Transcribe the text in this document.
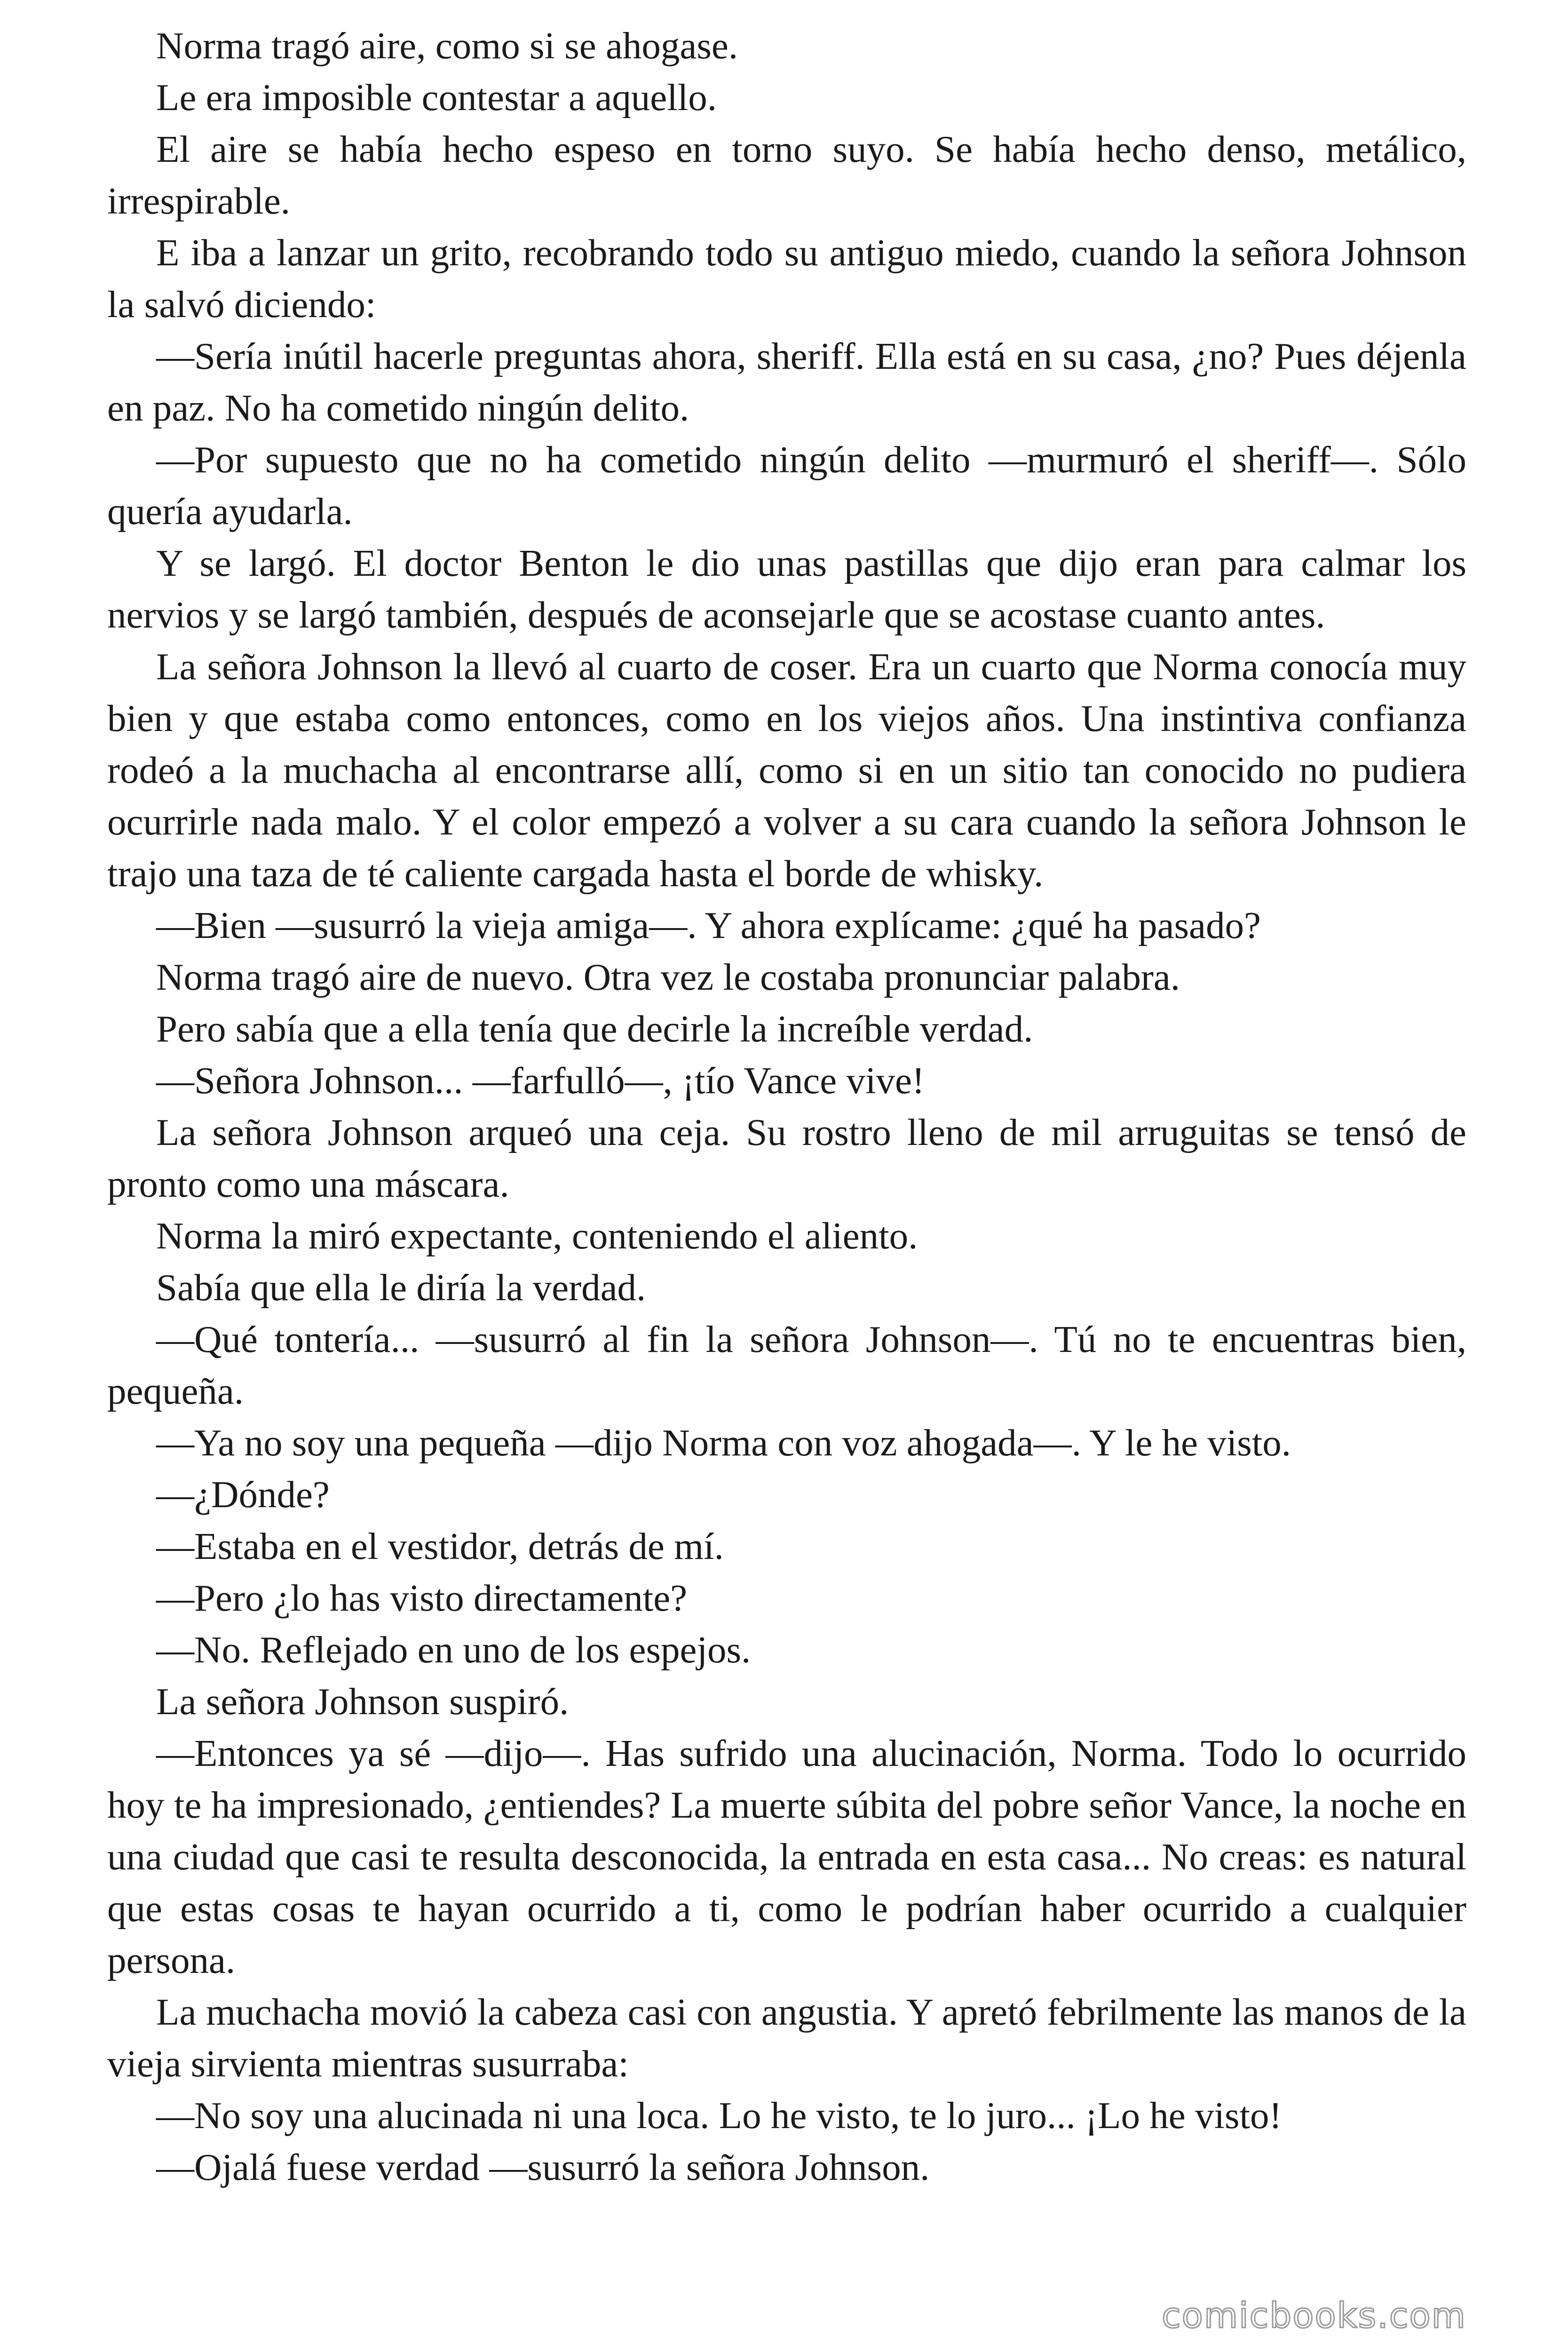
Norma tragó aire, como si se ahogase.

Le era imposible contestar a aquello.

El aire se había hecho espeso en torno suyo. Se había hecho denso, metálico, irrespirable.

E iba a lanzar un grito, recobrando todo su antiguo miedo, cuando la señora Johnson la salvó diciendo:

—Sería inútil hacerle preguntas ahora, sheriff. Ella está en su casa, ¿no? Pues déjenla en paz. No ha cometido ningún delito.

—Por supuesto que no ha cometido ningún delito —murmuró el sheriff—. Sólo quería ayudarla.

Y se largó. El doctor Benton le dio unas pastillas que dijo eran para calmar los nervios y se largó también, después de aconsejarle que se acostase cuanto antes.

La señora Johnson la llevó al cuarto de coser. Era un cuarto que Norma conocía muy bien y que estaba como entonces, como en los viejos años. Una instintiva confianza rodeó a la muchacha al encontrarse allí, como si en un sitio tan conocido no pudiera ocurrirle nada malo. Y el color empezó a volver a su cara cuando la señora Johnson le trajo una taza de té caliente cargada hasta el borde de whisky.

—Bien —susurró la vieja amiga—. Y ahora explícame: ¿qué ha pasado?

Norma tragó aire de nuevo. Otra vez le costaba pronunciar palabra.

Pero sabía que a ella tenía que decirle la increíble verdad.

—Señora Johnson... —farfulló—, ¡tío Vance vive!

La señora Johnson arqueó una ceja. Su rostro lleno de mil arruguitas se tensó de pronto como una máscara.

Norma la miró expectante, conteniendo el aliento.

Sabía que ella le diría la verdad.

—Qué tontería... —susurró al fin la señora Johnson—. Tú no te encuentras bien, pequeña.

—Ya no soy una pequeña —dijo Norma con voz ahogada—. Y le he visto.

—¿Dónde?

—Estaba en el vestidor, detrás de mí.

—Pero ¿lo has visto directamente?

—No. Reflejado en uno de los espejos.

La señora Johnson suspiró.

—Entonces ya sé —dijo—. Has sufrido una alucinación, Norma. Todo lo ocurrido hoy te ha impresionado, ¿entiendes? La muerte súbita del pobre señor Vance, la noche en una ciudad que casi te resulta desconocida, la entrada en esta casa... No creas: es natural que estas cosas te hayan ocurrido a ti, como le podrían haber ocurrido a cualquier persona.

La muchacha movió la cabeza casi con angustia. Y apretó febrilmente las manos de la vieja sirvienta mientras susurraba:

—No soy una alucinada ni una loca. Lo he visto, te lo juro... ¡Lo he visto!

—Ojalá fuese verdad —susurró la señora Johnson.

comicbooks.com
